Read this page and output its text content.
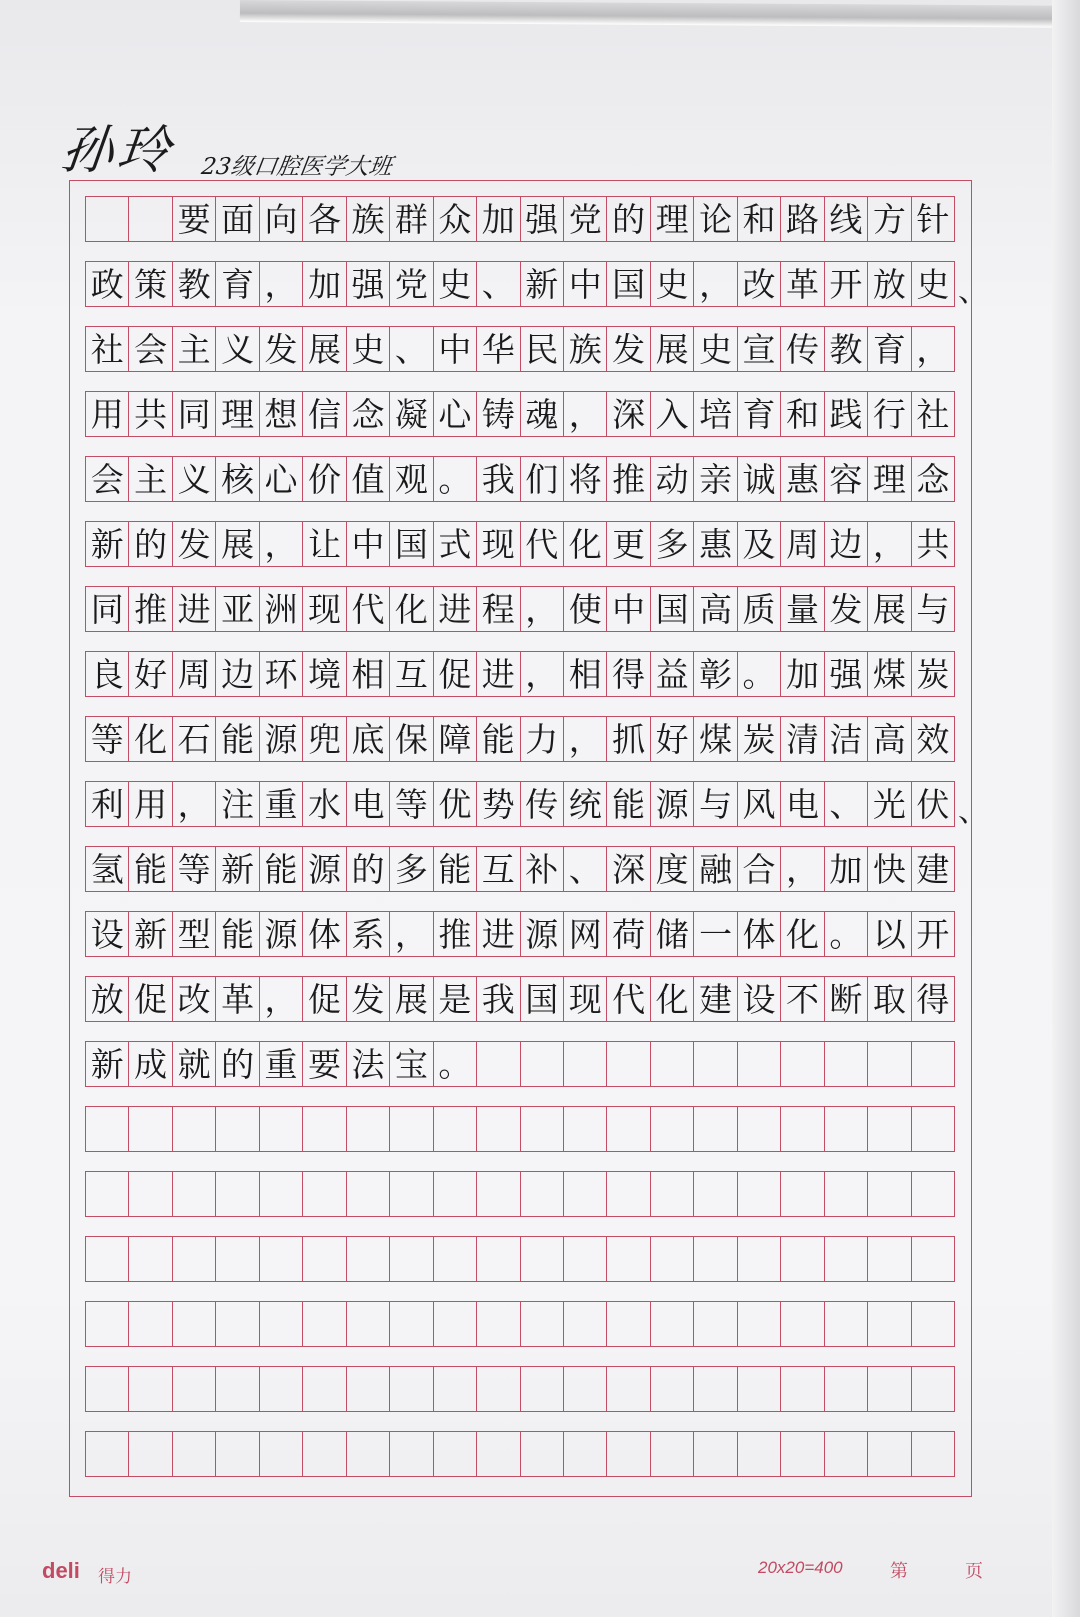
孙玲 23级口腔医学大班
要 面 向 各 族 群 众 加 强 党 的 理 论 和 路 线 方 针
政 策 教 育 ， 加 强 党 史 、 新 中 国 史 ， 改 革 开 放 史 、
社 会 主 义 发 展 史 、 中 华 民 族 发 展 史 宣 传 教 育 ，
用 共 同 理 想 信 念 凝 心 铸 魂 ， 深 入 培 育 和 践 行 社
会 主 义 核 心 价 值 观 。 我 们 将 推 动 亲 诚 惠 容 理 念
新 的 发 展 ， 让 中 国 式 现 代 化 更 多 惠 及 周 边 ， 共
同 推 进 亚 洲 现 代 化 进 程 ， 使 中 国 高 质 量 发 展 与
良 好 周 边 环 境 相 互 促 进 ， 相 得 益 彰 。 加 强 煤 炭
等 化 石 能 源 兜 底 保 障 能 力 ， 抓 好 煤 炭 清 洁 高 效
利 用 ， 注 重 水 电 等 优 势 传 统 能 源 与 风 电 、 光 伏 、
氢 能 等 新 能 源 的 多 能 互 补 、 深 度 融 合 ， 加 快 建
设 新 型 能 源 体 系 ， 推 进 源 网 荷 储 一 体 化 。 以 开
放 促 改 革 ， 促 发 展 是 我 国 现 代 化 建 设 不 断 取 得
新 成 就 的 重 要 法 宝 。
deli 得力	20x20=400	第	页
